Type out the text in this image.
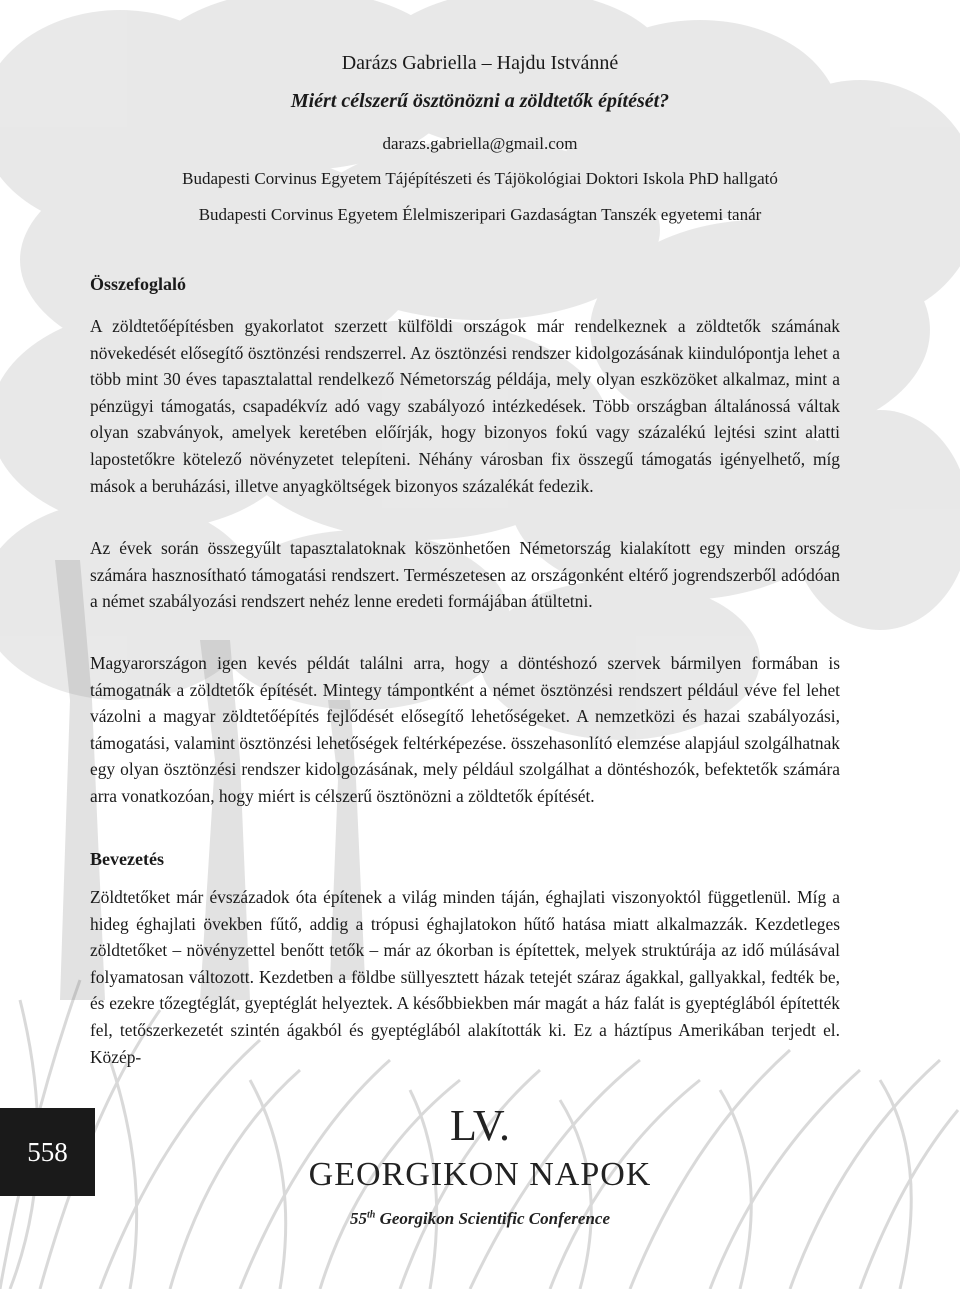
Darázs Gabriella – Hajdu Istvánné
Miért célszerű ösztönözni a zöldtetők építését?
darazs.gabriella@gmail.com
Budapesti Corvinus Egyetem Tájépítészeti és Tájökológiai Doktori Iskola PhD hallgató
Budapesti Corvinus Egyetem Élelmiszeripari Gazdaságtan Tanszék egyetemi tanár
Összefoglaló

A zöldtetőépítésben gyakorlatot szerzett külföldi országok már rendelkeznek a zöldtetők számának növekedését elősegítő ösztönzési rendszerrel. Az ösztönzési rendszer kidolgozásának kiindulópontja lehet a több mint 30 éves tapasztalattal rendelkező Németország példája, mely olyan eszközöket alkalmaz, mint a pénzügyi támogatás, csapadékvíz adó vagy szabályozó intézkedések. Több országban általánossá váltak olyan szabványok, amelyek keretében előírják, hogy bizonyos fokú vagy százalékú lejtési szint alatti lapostetőkre kötelező növényzetet telepíteni. Néhány városban fix összegű támogatás igényelhető, míg mások a beruházási, illetve anyagköltségek bizonyos százalékát fedezik.

Az évek során összegyűlt tapasztalatoknak köszönhetően Németország kialakított egy minden ország számára hasznosítható támogatási rendszert. Természetesen az országonként eltérő jogrendszerből adódóan a német szabályozási rendszert nehéz lenne eredeti formájában átültetni.

Magyarországon igen kevés példát találni arra, hogy a döntéshozó szervek bármilyen formában is támogatnák a zöldtetők építését. Mintegy támpontként a német ösztönzési rendszert például véve fel lehet vázolni a magyar zöldtetőépítés fejlődését elősegítő lehetőségeket. A nemzetközi és hazai szabályozási, támogatási, valamint ösztönzési lehetőségek feltérképezése. összehasonlító elemzése alapjául szolgálhatnak egy olyan ösztönzési rendszer kidolgozásának, mely például szolgálhat a döntéshozók, befektetők számára arra vonatkozóan, hogy miért is célszerű ösztönözni a zöldtetők építését.

Bevezetés

Zöldtetőket már évszázadok óta építenek a világ minden táján, éghajlati viszonyoktól függetlenül. Míg a hideg éghajlati övekben fűtő, addig a trópusi éghajlatokon hűtő hatása miatt alkalmazzák. Kezdetleges zöldtetőket – növényzettel benőtt tetők – már az ókorban is építettek, melyek struktúrája az idő múlásával folyamatosan változott. Kezdetben a földbe süllyesztett házak tetejét száraz ágakkal, gallyakkal, fedték be, és ezekre tőzegtéglát, gyeptéglát helyeztek. A későbbiekben már magát a ház falát is gyeptéglából építették fel, tetőszerkezetét szintén ágakból és gyeptéglából alakították ki. Ez a háztípus Amerikában terjedt el. Közép-

558
LV.
GEORGIKON NAPOK
55th Georgikon Scientific Conference
